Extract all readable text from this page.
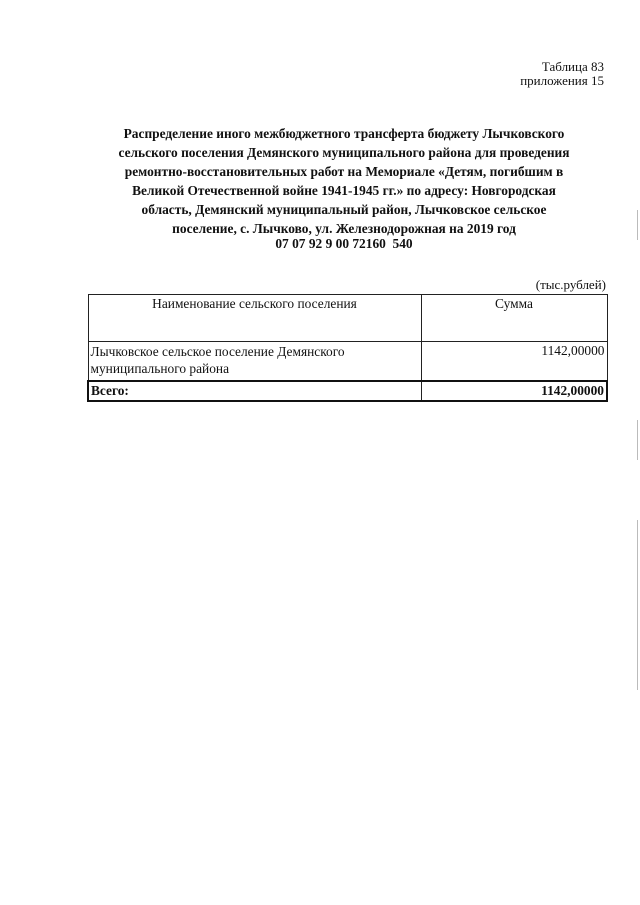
Таблица 83
приложения 15
Распределение иного межбюджетного трансферта бюджету Лычковского
сельского поселения Демянского муниципального района для проведения
ремонтно-восстановительных работ на Мемориале «Детям, погибшим в
Великой Отечественной войне 1941-1945 гг.» по адресу: Новгородская
область, Демянский муниципальный район, Лычковское сельское
поселение, с. Лычково, ул. Железнодорожная на 2019 год
07 07 92 9 00 72160  540
(тыс.рублей)
Наименование сельского поселения	Сумма
Лычковское сельское поселение Демянского муниципального района	1142,00000
Всего:	1142,00000
